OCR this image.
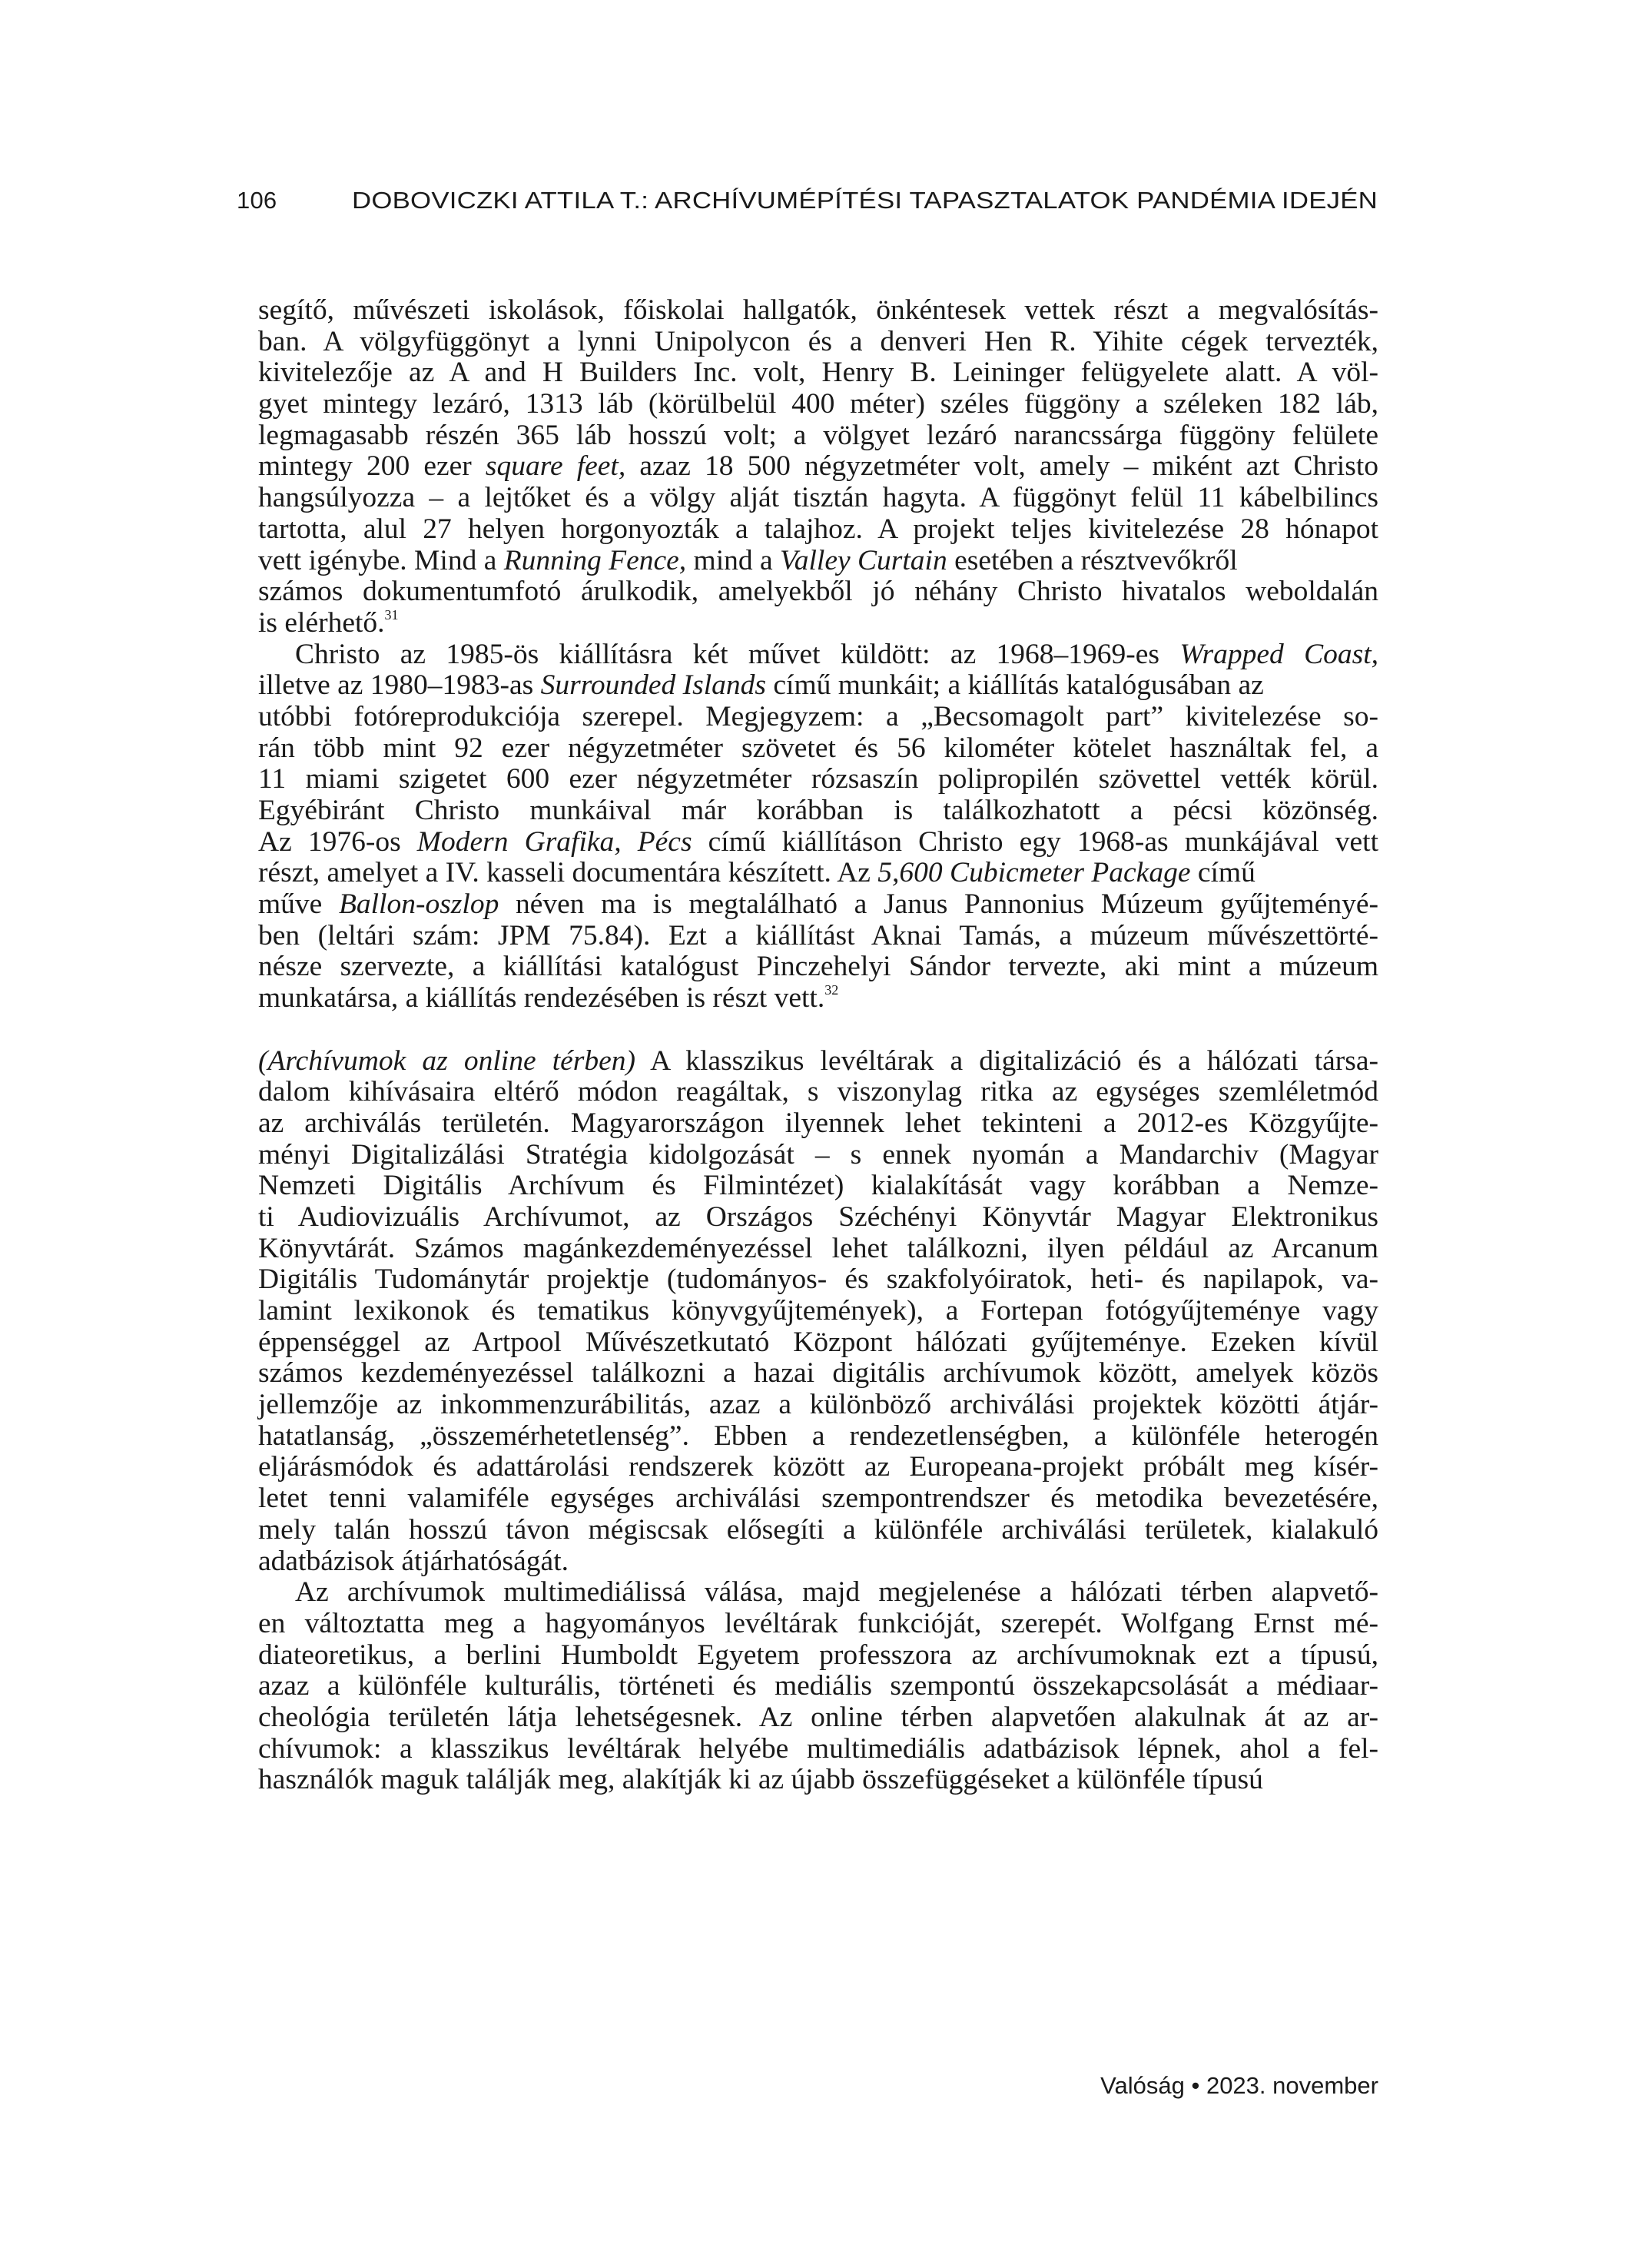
106	DOBOVICZKI ATTILA T.: ARCHÍVUMÉPÍTÉSI TAPASZTALATOK PANDÉMIA IDEJÉN
segítő, művészeti iskolások, főiskolai hallgatók, önkéntesek vettek részt a megvalósítás-
ban. A völgyfüggönyt a lynni Unipolycon és a denveri Hen R. Yihite cégek tervezték,
kivitelezője az A and H Builders Inc. volt, Henry B. Leininger felügyelete alatt. A völ-
gyet mintegy lezáró, 1313 láb (körülbelül 400 méter) széles függöny a széleken 182 láb,
legmagasabb részén 365 láb hosszú volt; a völgyet lezáró narancssárga függöny felülete
mintegy 200 ezer square feet, azaz 18 500 négyzetméter volt, amely – miként azt Christo
hangsúlyozza – a lejtőket és a völgy alját tisztán hagyta. A függönyt felül 11 kábelbilincs
tartotta, alul 27 helyen horgonyozták a talajhoz. A projekt teljes kivitelezése 28 hónapot
vett igénybe. Mind a Running Fence, mind a Valley Curtain esetében a résztvevőkről
számos dokumentumfotó árulkodik, amelyekből jó néhány Christo hivatalos weboldalán
is elérhető.$^{31}$
Christo az 1985-ös kiállításra két művet küldött: az 1968–1969-es Wrapped Coast,
illetve az 1980–1983-as Surrounded Islands című munkáit; a kiállítás katalógusában az
utóbbi fotóreprodukciója szerepel. Megjegyzem: a „Becsomagolt part” kivitelezése so-
rán több mint 92 ezer négyzetméter szövetet és 56 kilométer kötelet használtak fel, a
11 miami szigetet 600 ezer négyzetméter rózsaszín polipropilén szövettel vették körül.
Egyébiránt Christo munkáival már korábban is találkozhatott a pécsi közönség.
Az 1976-os Modern Grafika, Pécs című kiállításon Christo egy 1968-as munkájával vett
részt, amelyet a IV. kasseli documentára készített. Az 5,600 Cubicmeter Package című
műve Ballon-oszlop néven ma is megtalálható a Janus Pannonius Múzeum gyűjteményé-
ben (leltári szám: JPM 75.84). Ezt a kiállítást Aknai Tamás, a múzeum művészettörté-
nésze szervezte, a kiállítási katalógust Pinczehelyi Sándor tervezte, aki mint a múzeum
munkatársa, a kiállítás rendezésében is részt vett.$^{32}$
(Archívumok az online térben) A klasszikus levéltárak a digitalizáció és a hálózati társa-
dalom kihívásaira eltérő módon reagáltak, s viszonylag ritka az egységes szemléletmód
az archiválás területén. Magyarországon ilyennek lehet tekinteni a 2012-es Közgyűjte-
ményi Digitalizálási Stratégia kidolgozását – s ennek nyomán a Mandarchiv (Magyar
Nemzeti Digitális Archívum és Filmintézet) kialakítását vagy korábban a Nemze-
ti Audiovizuális Archívumot, az Országos Széchényi Könyvtár Magyar Elektronikus
Könyvtárát. Számos magánkezdeményezéssel lehet találkozni, ilyen például az Arcanum
Digitális Tudománytár projektje (tudományos- és szakfolyóiratok, heti- és napilapok, va-
lamint lexikonok és tematikus könyvgyűjtemények), a Fortepan fotógyűjteménye vagy
éppenséggel az Artpool Művészetkutató Központ hálózati gyűjteménye. Ezeken kívül
számos kezdeményezéssel találkozni a hazai digitális archívumok között, amelyek közös
jellemzője az inkommenzurábilitás, azaz a különböző archiválási projektek közötti átjár-
hatatlanság, „összemérhetetlenség”. Ebben a rendezetlenségben, a különféle heterogén
eljárásmódok és adattárolási rendszerek között az Europeana-projekt próbált meg kísér-
letet tenni valamiféle egységes archiválási szempontrendszer és metodika bevezetésére,
mely talán hosszú távon mégiscsak elősegíti a különféle archiválási területek, kialakuló
adatbázisok átjárhatóságát.
Az archívumok multimediálissá válása, majd megjelenése a hálózati térben alapvető-
en változtatta meg a hagyományos levéltárak funkcióját, szerepét. Wolfgang Ernst mé-
diateoretikus, a berlini Humboldt Egyetem professzora az archívumoknak ezt a típusú,
azaz a különféle kulturális, történeti és mediális szempontú összekapcsolását a médiaar-
cheológia területén látja lehetségesnek. Az online térben alapvetően alakulnak át az ar-
chívumok: a klasszikus levéltárak helyébe multimediális adatbázisok lépnek, ahol a fel-
használók maguk találják meg, alakítják ki az újabb összefüggéseket a különféle típusú
Valóság • 2023. november
